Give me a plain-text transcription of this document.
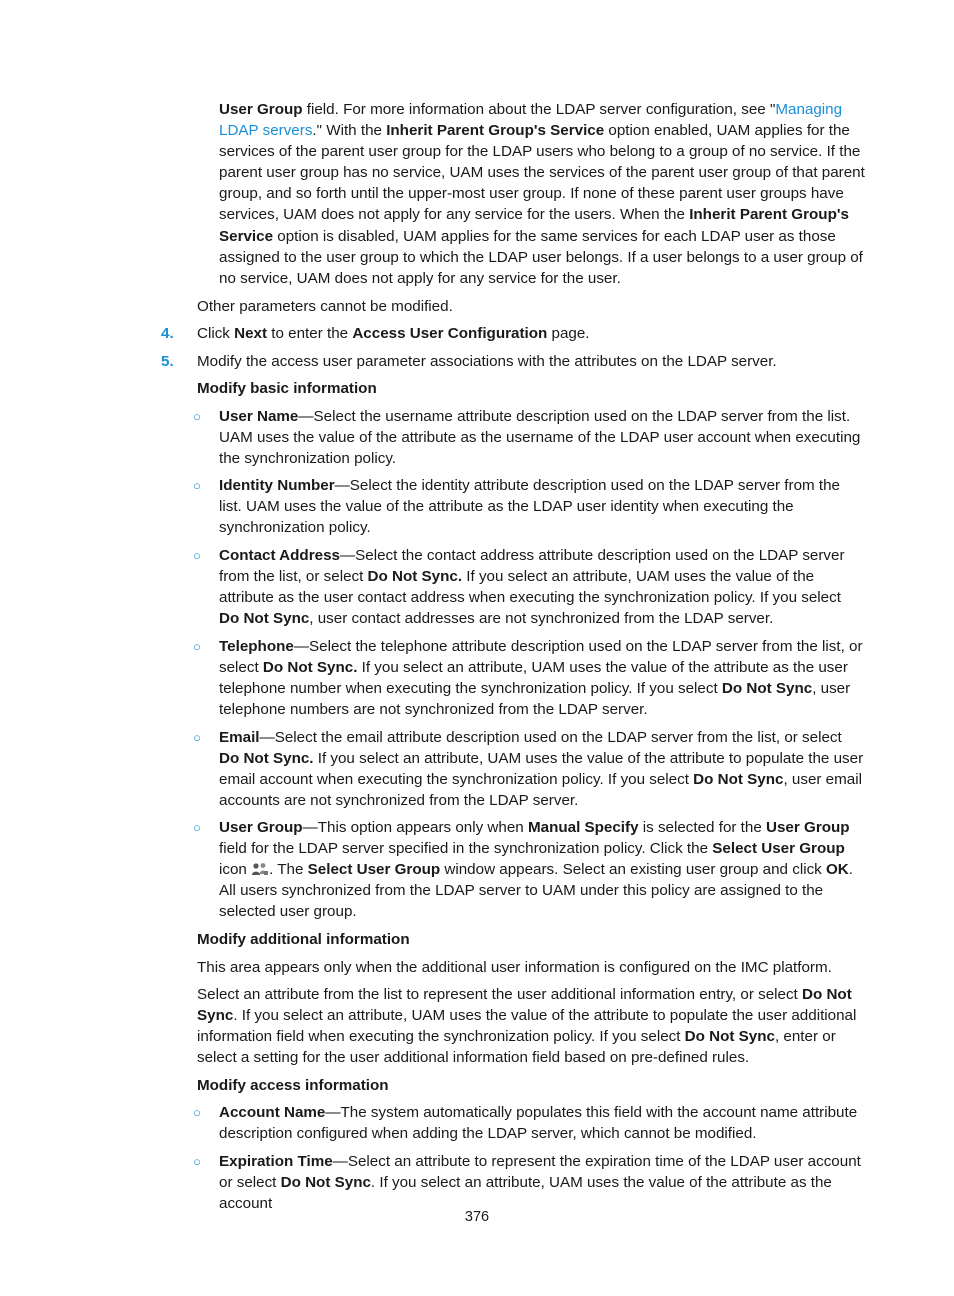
User Group field. For more information about the LDAP server configuration, see "Managing LDAP servers." With the Inherit Parent Group's Service option enabled, UAM applies for the services of the parent user group for the LDAP users who belong to a group of no service. If the parent user group has no service, UAM uses the services of the parent user group of that parent group, and so forth until the upper-most user group. If none of these parent user groups have services, UAM does not apply for any service for the users. When the Inherit Parent Group's Service option is disabled, UAM applies for the same services for each LDAP user as those assigned to the user group to which the LDAP user belongs. If a user belongs to a user group of no service, UAM does not apply for any service for the user.
Other parameters cannot be modified.
4. Click Next to enter the Access User Configuration page.
5. Modify the access user parameter associations with the attributes on the LDAP server.
Modify basic information
○ User Name—Select the username attribute description used on the LDAP server from the list. UAM uses the value of the attribute as the username of the LDAP user account when executing the synchronization policy.
○ Identity Number—Select the identity attribute description used on the LDAP server from the list. UAM uses the value of the attribute as the LDAP user identity when executing the synchronization policy.
○ Contact Address—Select the contact address attribute description used on the LDAP server from the list, or select Do Not Sync. If you select an attribute, UAM uses the value of the attribute as the user contact address when executing the synchronization policy. If you select Do Not Sync, user contact addresses are not synchronized from the LDAP server.
○ Telephone—Select the telephone attribute description used on the LDAP server from the list, or select Do Not Sync. If you select an attribute, UAM uses the value of the attribute as the user telephone number when executing the synchronization policy. If you select Do Not Sync, user telephone numbers are not synchronized from the LDAP server.
○ Email—Select the email attribute description used on the LDAP server from the list, or select Do Not Sync. If you select an attribute, UAM uses the value of the attribute to populate the user email account when executing the synchronization policy. If you select Do Not Sync, user email accounts are not synchronized from the LDAP server.
○ User Group—This option appears only when Manual Specify is selected for the User Group field for the LDAP server specified in the synchronization policy. Click the Select User Group icon . The Select User Group window appears. Select an existing user group and click OK. All users synchronized from the LDAP server to UAM under this policy are assigned to the selected user group.
Modify additional information
This area appears only when the additional user information is configured on the IMC platform.
Select an attribute from the list to represent the user additional information entry, or select Do Not Sync. If you select an attribute, UAM uses the value of the attribute to populate the user additional information field when executing the synchronization policy. If you select Do Not Sync, enter or select a setting for the user additional information field based on pre-defined rules.
Modify access information
○ Account Name—The system automatically populates this field with the account name attribute description configured when adding the LDAP server, which cannot be modified.
○ Expiration Time—Select an attribute to represent the expiration time of the LDAP user account or select Do Not Sync. If you select an attribute, UAM uses the value of the attribute as the account
376
